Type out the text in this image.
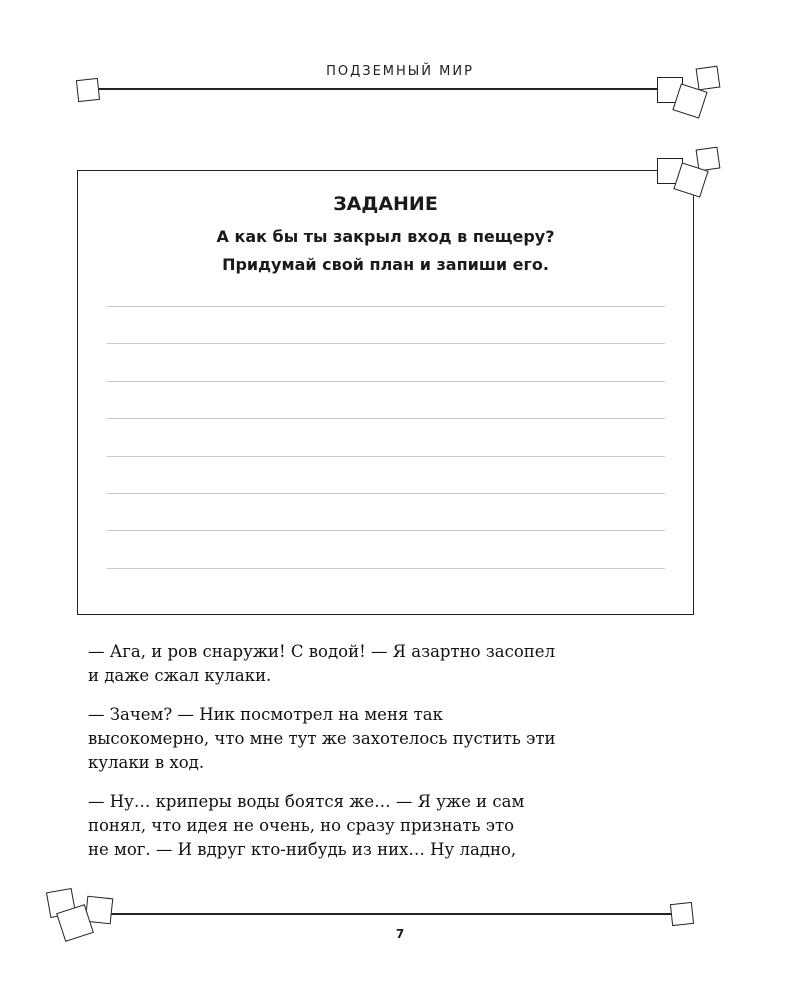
ПОДЗЕМНЫЙ МИР
ЗАДАНИЕ
А как бы ты закрыл вход в пещеру?
Придумай свой план и запиши его.
— Ага, и ров снаружи! С водой! — Я азартно засопел
и даже сжал кулаки.
— Зачем? — Ник посмотрел на меня так
высокомерно, что мне тут же захотелось пустить эти
кулаки в ход.
— Ну… криперы воды боятся же… — Я уже и сам
понял, что идея не очень, но сразу признать это
не мог. — И вдруг кто-нибудь из них… Ну ладно,
7
